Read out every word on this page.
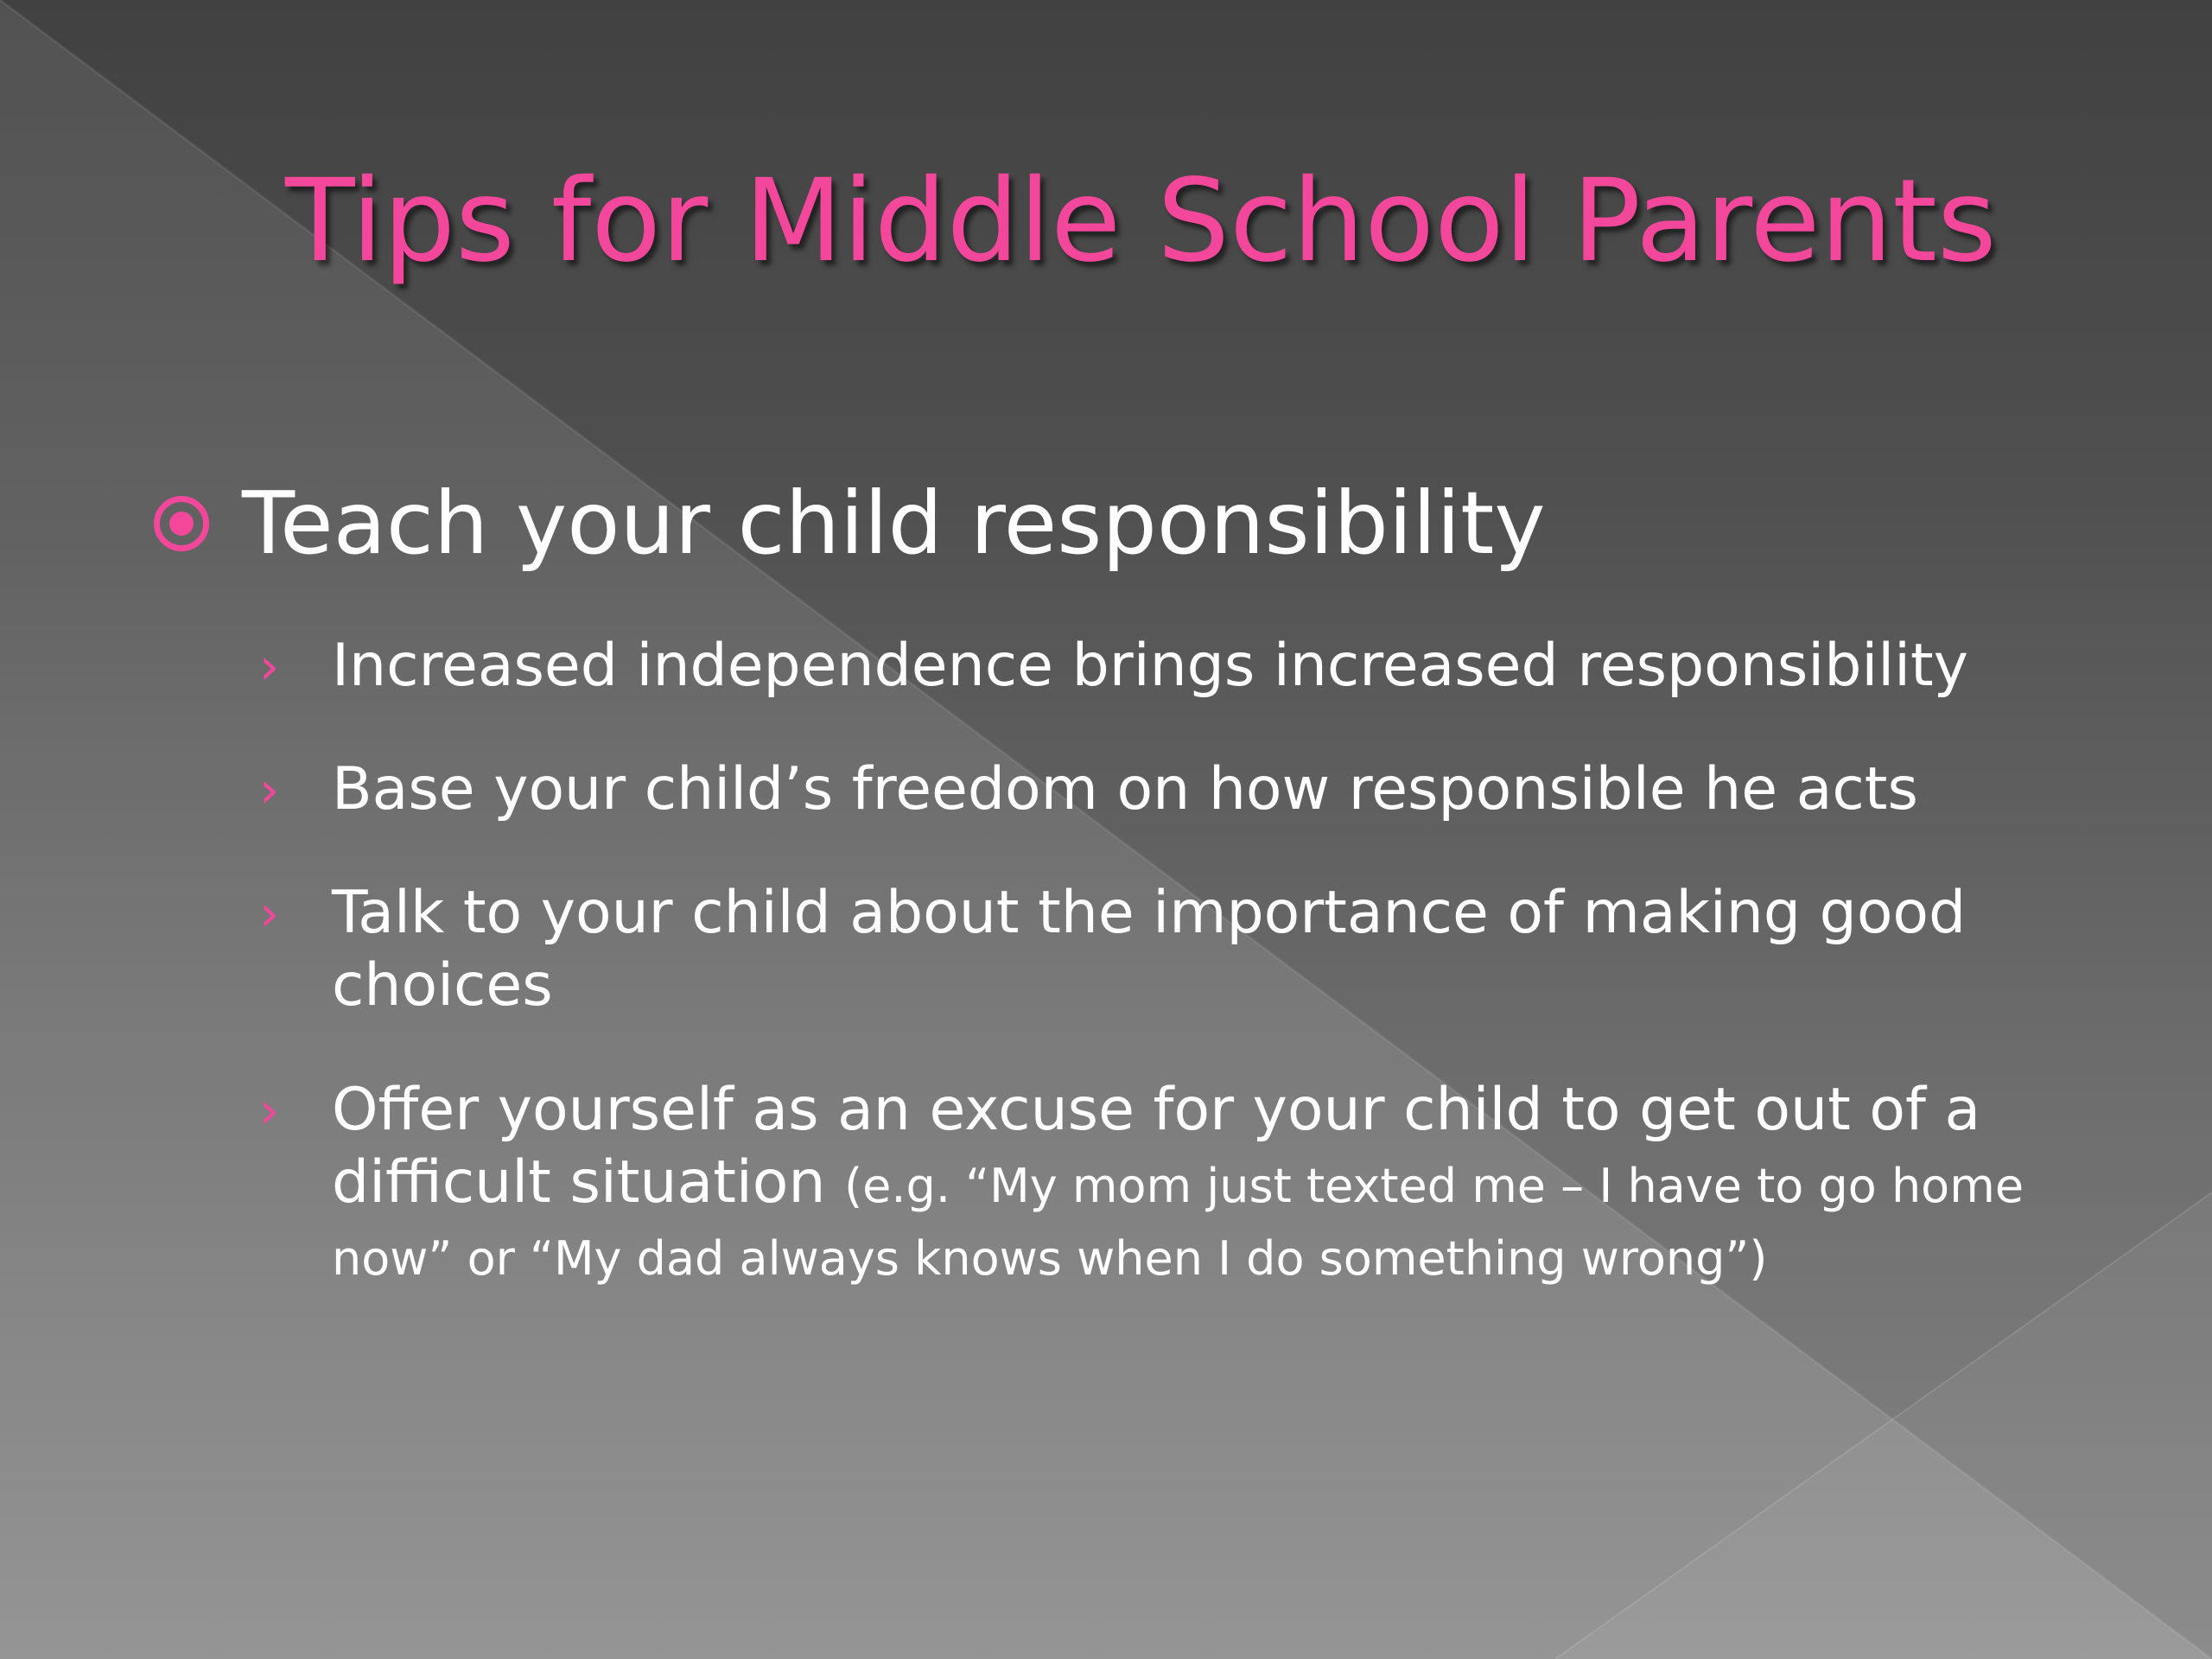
Tips for Middle School Parents
Teach your child responsibility
› Increased independence brings increased responsibility
› Base your child’s freedom on how responsible he acts
› Talk to your child about the importance of making good choices
› Offer yourself as an excuse for your child to get out of a difficult situation (e.g. “My mom just texted me – I have to go home now” or “My dad always knows when I do something wrong”)
